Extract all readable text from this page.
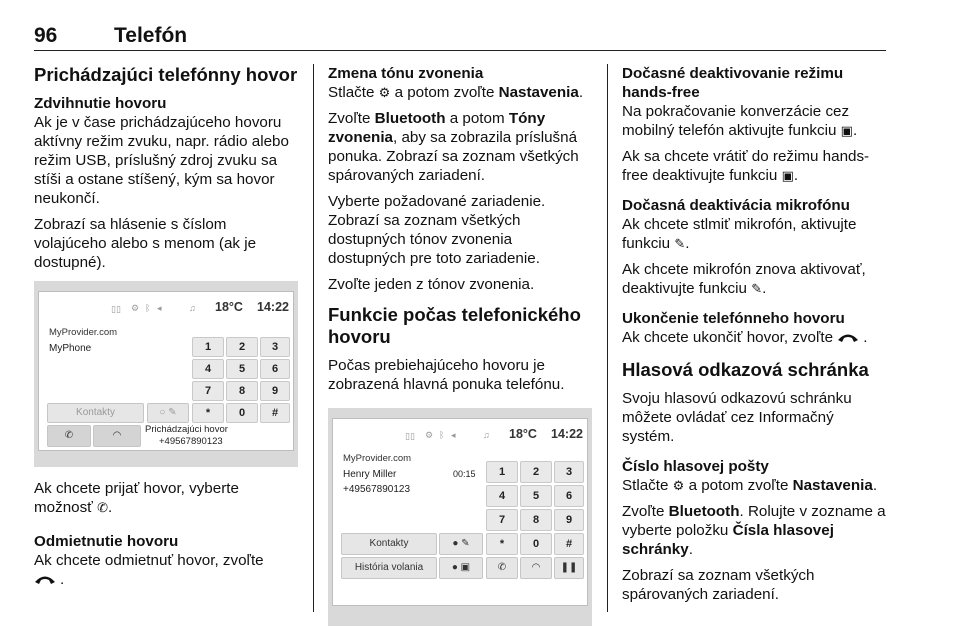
96	Telefón
Prichádzajúci telefónny hovor
Zdvihnutie hovoru

Ak je v čase prichádzajúceho hovoru aktívny režim zvuku, napr. rádio alebo režim USB, príslušný zdroj zvuku sa stíši a ostane stíšený, kým sa hovor neukončí.

Zobrazí sa hlásenie s číslom volajúceho alebo s menom (ak je dostupné).

▯▯ ⚙ ᛒ ◂	♫ 18°C 14:22
MyProvider.com
MyPhone	1	2	3
4	5	6
7	8	9
*	0	#
Kontakty	○ ✎
✆	◠
Prichádzajúci hovor
+49567890123

Ak chcete prijať hovor, vyberte možnosť ✆.

Odmietnutie hovoru

Ak chcete odmietnuť hovor, zvoľte

.

Zmena tónu zvonenia

Stlačte ⚙ a potom zvoľte Nastavenia.

Zvoľte Bluetooth a potom Tóny zvonenia, aby sa zobrazila príslušná ponuka. Zobrazí sa zoznam všetkých spárovaných zariadení.

Vyberte požadované zariadenie. Zobrazí sa zoznam všetkých dostupných tónov zvonenia dostupných pre toto zariadenie.

Zvoľte jeden z tónov zvonenia.

Funkcie počas telefonického hovoru

Počas prebiehajúceho hovoru je zobrazená hlavná ponuka telefónu.

▯▯ ⚙ ᛒ ◂	♫ 18°C 14:22
MyProvider.com
Henry Miller	00:15
+49567890123
1	2	3
4	5	6
7	8	9
*	0	#
Kontakty	● ✎
História volania	● ▣	✆	◠	❚❚
Dočasné deaktivovanie režimu hands-free

Na pokračovanie konverzácie cez mobilný telefón aktivujte funkciu ▣.

Ak sa chcete vrátiť do režimu hands-free deaktivujte funkciu ▣.

Dočasná deaktivácia mikrofónu

Ak chcete stlmiť mikrofón, aktivujte funkciu ✎.

Ak chcete mikrofón znova aktivovať, deaktivujte funkciu ✎.

Ukončenie telefónneho hovoru

Ak chcete ukončiť hovor, zvoľte .

Hlasová odkazová schránka

Svoju hlasovú odkazovú schránku môžete ovládať cez Informačný systém.

Číslo hlasovej pošty

Stlačte ⚙ a potom zvoľte Nastavenia.

Zvoľte Bluetooth. Rolujte v zozname a vyberte položku Čísla hlasovej schránky.

Zobrazí sa zoznam všetkých spárovaných zariadení.
